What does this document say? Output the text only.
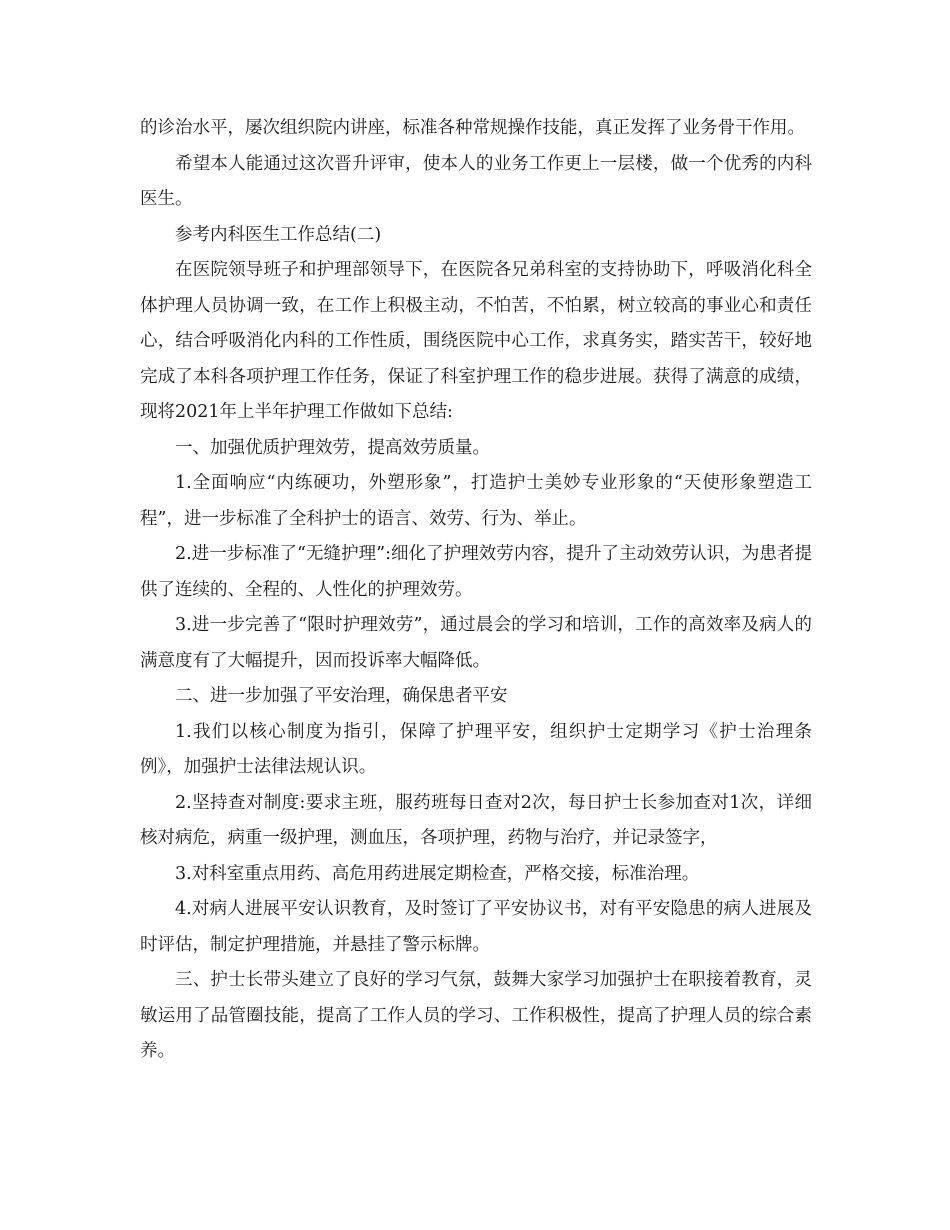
的诊治水平，屡次组织院内讲座，标准各种常规操作技能，真正发挥了业务骨干作用。

希望本人能通过这次晋升评审，使本人的业务工作更上一层楼，做一个优秀的内科医生。

参考内科医生工作总结(二)

在医院领导班子和护理部领导下，在医院各兄弟科室的支持协助下，呼吸消化科全体护理人员协调一致，在工作上积极主动，不怕苦，不怕累，树立较高的事业心和责任心，结合呼吸消化内科的工作性质，围绕医院中心工作，求真务实，踏实苦干，较好地完成了本科各项护理工作任务，保证了科室护理工作的稳步进展。获得了满意的成绩，现将2021年上半年护理工作做如下总结:

一、加强优质护理效劳，提高效劳质量。

1.全面响应“内练硬功，外塑形象”，打造护士美妙专业形象的“天使形象塑造工程”，进一步标准了全科护士的语言、效劳、行为、举止。

2.进一步标准了“无缝护理”:细化了护理效劳内容，提升了主动效劳认识，为患者提供了连续的、全程的、人性化的护理效劳。

3.进一步完善了“限时护理效劳”，通过晨会的学习和培训，工作的高效率及病人的满意度有了大幅提升，因而投诉率大幅降低。

二、进一步加强了平安治理，确保患者平安

1.我们以核心制度为指引，保障了护理平安，组织护士定期学习《护士治理条例》，加强护士法律法规认识。

2.坚持查对制度:要求主班，服药班每日查对2次，每日护士长参加查对1次，详细核对病危，病重一级护理，测血压，各项护理，药物与治疗，并记录签字，

3.对科室重点用药、高危用药进展定期检查，严格交接，标准治理。

4.对病人进展平安认识教育，及时签订了平安协议书，对有平安隐患的病人进展及时评估，制定护理措施，并悬挂了警示标牌。

三、护士长带头建立了良好的学习气氛，鼓舞大家学习加强护士在职接着教育，灵敏运用了品管圈技能，提高了工作人员的学习、工作积极性，提高了护理人员的综合素养。
